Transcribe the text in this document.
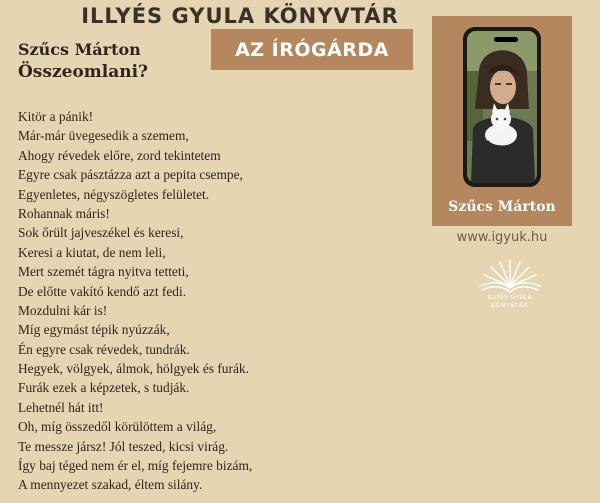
ILLYÉS GYULA KÖNYVTÁR
AZ ÍRÓGÁRDA
Szűcs Márton
Összeomlani?
Kitör a pánik!
Már-már üvegesedik a szemem,
Ahogy révedek előre, zord tekintetem
Egyre csak pásztázza azt a pepita csempe,
Egyenletes, négyszögletes felületet.
Rohannak máris!
Sok őrült jajveszékel és keresi,
Keresi a kiutat, de nem leli,
Mert szemét tágra nyitva tetteti,
De előtte vakító kendő azt fedi.
Mozdulni kár is!
Míg egymást tépik nyúzzák,
Én egyre csak révedek, tundrák.
Hegyek, völgyek, álmok, hölgyek és furák.
Furák ezek a képzetek, s tudják.
Lehetnél hát itt!
Oh, míg összedől körülöttem a világ,
Te messze jársz! Jól teszed, kicsi virág.
Így baj téged nem ér el, míg fejemre bizám,
A mennyezet szakad, éltem silány.
Szűcs Márton
www.igyuk.hu
ILLYÉS GYULA
KÖNYVTÁR
